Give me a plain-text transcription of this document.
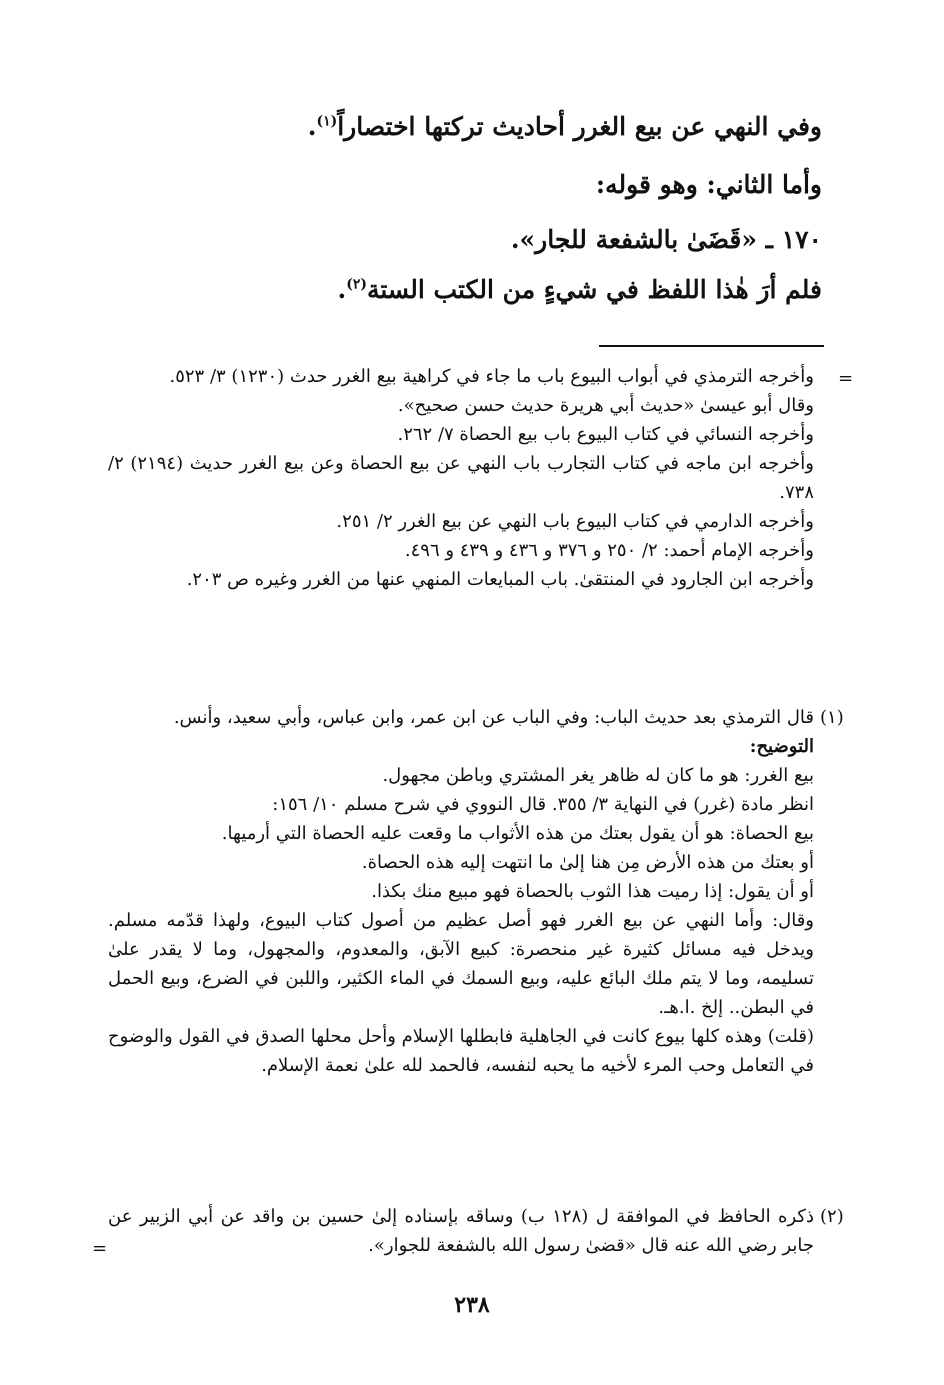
وفي النهي عن بيع الغرر أحاديث تركتها اختصاراً$^{(١)}$.
وأما الثاني: وهو قوله:
١٧٠ ـ «قَضَىٰ بالشفعة للجار».
فلم أرَ هٰذا اللفظ في شيءٍ من الكتب الستة$^{(٢)}$.
=

وأخرجه الترمذي في أبواب البيوع باب ما جاء في كراهية بيع الغرر حدث (١٢٣٠) ٣/ ٥٢٣.

وقال أبو عيسىٰ «حديث أبي هريرة حديث حسن صحيح».

وأخرجه النسائي في كتاب البيوع باب بيع الحصاة ٧/ ٢٦٢.

وأخرجه ابن ماجه في كتاب التجارب باب النهي عن بيع الحصاة وعن بيع الغرر حديث (٢١٩٤) ٢/ ٧٣٨.

وأخرجه الدارمي في كتاب البيوع باب النهي عن بيع الغرر ٢/ ٢٥١.

وأخرجه الإمام أحمد: ٢/ ٢٥٠ و ٣٧٦ و ٤٣٦ و ٤٣٩ و ٤٩٦.

وأخرجه ابن الجارود في المنتقىٰ. باب المبايعات المنهي عنها من الغرر وغيره ص ٢٠٣.

(١)

قال الترمذي بعد حديث الباب: وفي الباب عن ابن عمر، وابن عباس، وأبي سعيد، وأنس.

التوضيح:

بيع الغرر: هو ما كان له ظاهر يغر المشتري وباطن مجهول.

انظر مادة (غرر) في النهاية ٣/ ٣٥٥. قال النووي في شرح مسلم ١٠/ ١٥٦:

بيع الحصاة: هو أن يقول بعتك من هذه الأثواب ما وقعت عليه الحصاة التي أرميها.

أو بعتك من هذه الأرض مِن هنا إلىٰ ما انتهت إليه هذه الحصاة.

أو أن يقول: إذا رميت هذا الثوب بالحصاة فهو مبيع منك بكذا.

وقال: وأما النهي عن بيع الغرر فهو أصل عظيم من أصول كتاب البيوع، ولهذا قدّمه مسلم. ويدخل فيه مسائل كثيرة غير منحصرة: كبيع الآبق، والمعدوم، والمجهول، وما لا يقدر علىٰ تسليمه، وما لا يتم ملك البائع عليه، وبيع السمك في الماء الكثير، واللبن في الضرع، وبيع الحمل في البطن.. إلخ .ا.هـ.

(قلت) وهذه كلها بيوع كانت في الجاهلية فابطلها الإسلام وأحل محلها الصدق في القول والوضوح في التعامل وحب المرء لأخيه ما يحبه لنفسه، فالحمد لله علىٰ نعمة الإسلام.

(٢)

ذكره الحافظ في الموافقة ل (١٢٨ ب) وساقه بإسناده إلىٰ حسين بن واقد عن أبي الزبير عن جابر رضي الله عنه قال «قضىٰ رسول الله بالشفعة للجوار».

=
٢٣٨
